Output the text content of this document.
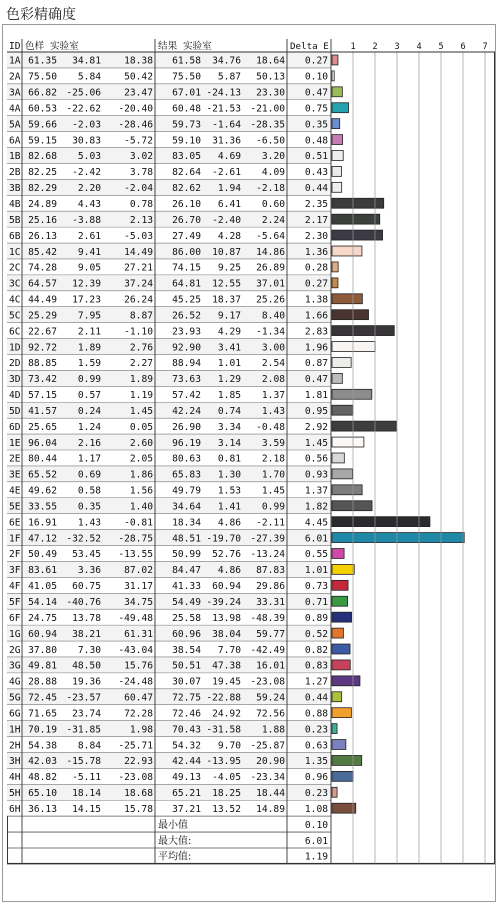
色彩精确度
ID 色样 实验室	结果 实验室	Delta E	1 2 3 4 5 6 7
1A 61.35 34.81 18.38 61.58 34.76 18.64 0.27
2A 75.50 5.84 50.42 75.50 5.87 50.13 0.10
3A 66.82 -25.06 23.47 67.01 -24.13 23.30 0.47
4A 60.53 -22.62 -20.40 60.48 -21.53 -21.00 0.75
5A 59.66 -2.03 -28.46 59.73 -1.64 -28.35 0.35
6A 59.15 30.83 -5.72 59.10 31.36 -6.50 0.48
1B 82.68 5.03	3.02 83.05 4.69 3.20 0.51
2B 82.25 -2.42	3.78 82.64 -2.61 4.09 0.43
3B 82.29 2.20 -2.04 82.62 1.94 -2.18 0.44
4B 24.89 4.43	0.78 26.10 6.41 0.60 2.35
5B 25.16 -3.88	2.13 26.70 -2.40 2.24 2.17
6B 26.13 2.61 -5.03 27.49 4.28 -5.64 2.30
1C 85.42 9.41 14.49 86.00 10.87 14.86 1.36
2C 74.28 9.05 27.21 74.15 9.25 26.89 0.28
3C 64.57 12.39 37.24 64.81 12.55 37.01 0.27
4C 44.49 17.23 26.24 45.25 18.37 25.26 1.38
5C 25.29 7.95	8.87 26.52 9.17 8.40 1.66
6C 22.67 2.11 -1.10 23.93 4.29 -1.34 2.83
1D 92.72 1.89	2.76 92.90 3.41 3.00 1.96
2D 88.85 1.59	2.27 88.94 1.01 2.54 0.87
3D 73.42 0.99	1.89 73.63 1.29 2.08 0.47
4D 57.15 0.57	1.19 57.42 1.85 1.37 1.81
5D 41.57 0.24	1.45 42.24 0.74 1.43 0.95
6D 25.65 1.24	0.05 26.90 3.34 -0.48 2.92
1E 96.04 2.16	2.60 96.19 3.14 3.59 1.45
2E 80.44 1.17	2.05 80.63 0.81 2.18 0.56
3E 65.52 0.69	1.86 65.83 1.30 1.70 0.93
4E 49.62 0.58	1.56 49.79 1.53 1.45 1.37
5E 33.55 0.35	1.40 34.64 1.41 0.99 1.82
6E 16.91 1.43 -0.81 18.34 4.86 -2.11 4.45
1F 47.12 -32.52 -28.75 48.51 -19.70 -27.39 6.01
2F 50.49 53.45 -13.55 50.99 52.76 -13.24 0.55
3F 83.61 3.36 87.02 84.47 4.86 87.83 1.01
4F 41.05 60.75 31.17 41.33 60.94 29.86 0.73
5F 54.14 -40.76 34.75 54.49 -39.24 33.31 0.71
6F 24.75 13.78 -49.48 25.58 13.98 -48.39 0.89
1G 60.94 38.21 61.31 60.96 38.04 59.77 0.52
2G 37.80 7.30 -43.04 38.54 7.70 -42.49 0.82
3G 49.81 48.50 15.76 50.51 47.38 16.01 0.83
4G 28.88 19.36 -24.48 30.07 19.45 -23.08 1.27
5G 72.45 -23.57 60.47 72.75 -22.88 59.24 0.44
6G 71.65 23.74 72.28 72.46 24.92 72.56 0.88
1H 70.19 -31.85	1.98 70.43 -31.58 1.88 0.23
2H 54.38 8.84 -25.71 54.32 9.70 -25.87 0.63
3H 42.03 -15.78 22.93 42.44 -13.95 20.90 1.35
4H 48.82 -5.11 -23.08 49.13 -4.05 -23.34 0.96
5H 65.10 18.14 18.68 65.21 18.25 18.44 0.23
6H 36.13 14.15 15.78 37.21 13.52 14.89 1.08
最小值	0.10
最大值:	6.01
平均值:	1.19
